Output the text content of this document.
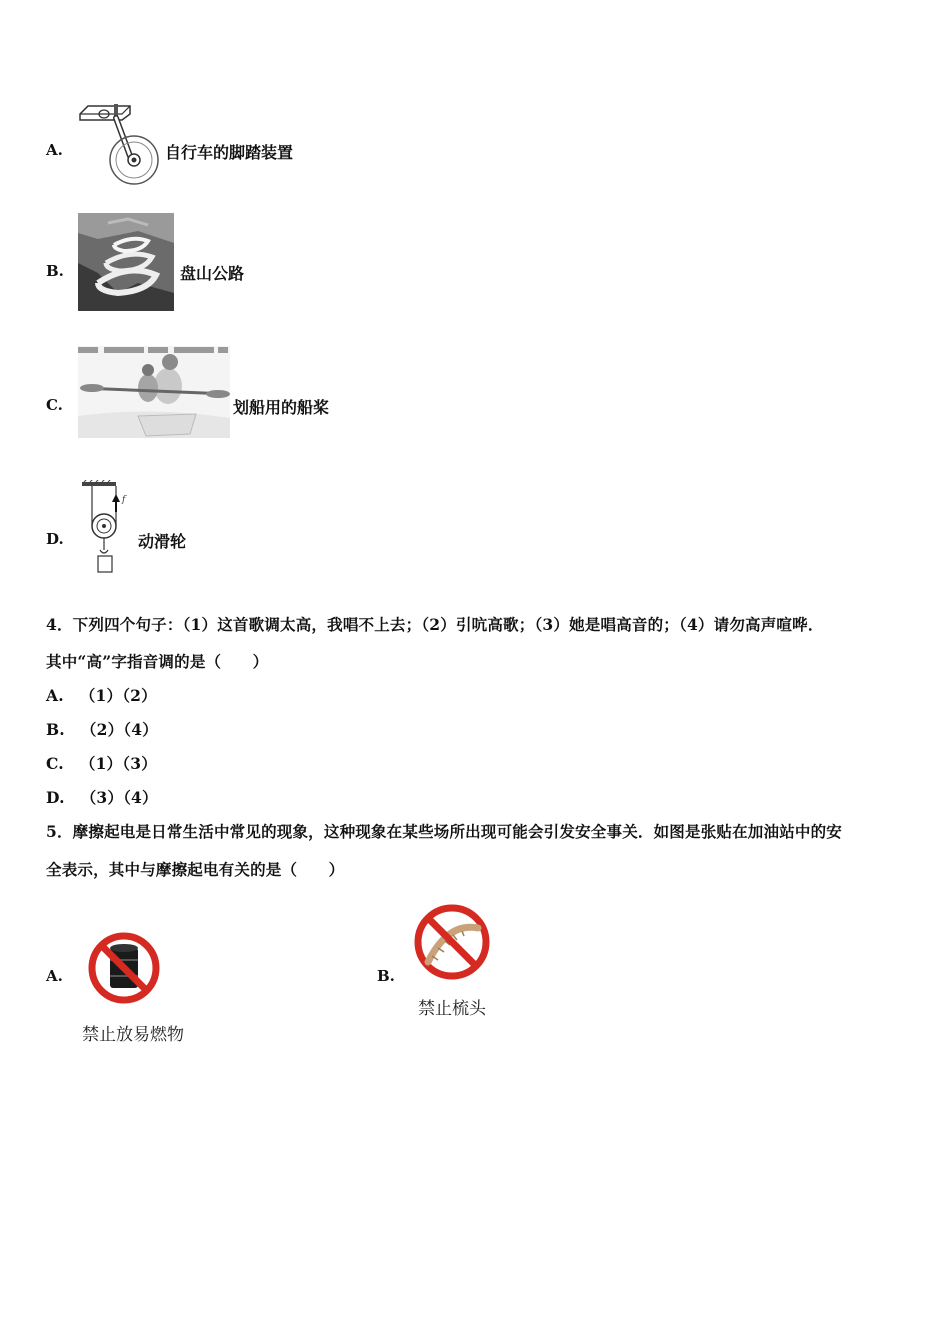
A.	自行车的脚踏装置
B.	盘山公路
C.	划船用的船桨
D.
f
动滑轮
4．下列四个句子：（1）这首歌调太高，我唱不上去；（2）引吭高歌；（3）她是唱高音的；（4）请勿高声喧哗．
其中“高”字指音调的是（　　）
A. （1）（2）
B. （2）（4）
C. （1）（3）
D. （3）（4）
5．摩擦起电是日常生活中常见的现象，这种现象在某些场所出现可能会引发安全事关．如图是张贴在加油站中的安
全表示，其中与摩擦起电有关的是（　　）
A.
禁止放易燃物
B.
禁止梳头
